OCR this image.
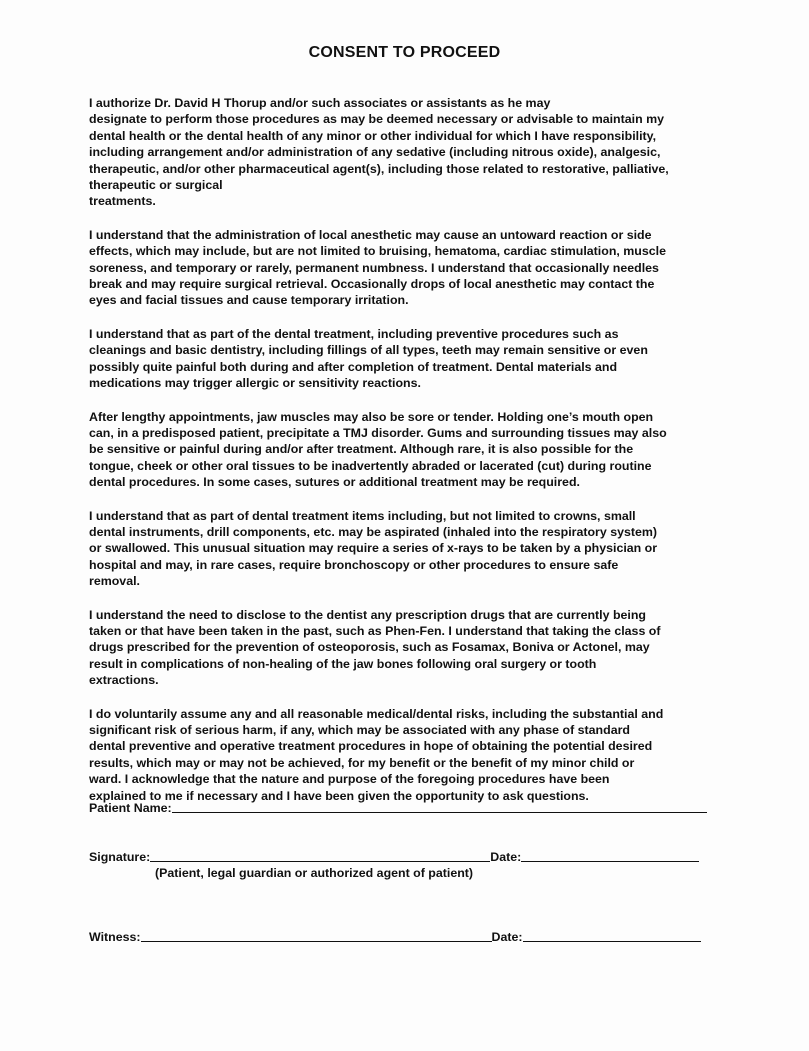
CONSENT TO PROCEED
I authorize Dr. David H Thorup and/or such associates or assistants as he may
designate to perform those procedures as may be deemed necessary or advisable to maintain my
dental health or the dental health of any minor or other individual for which I have responsibility,
including arrangement and/or administration of any sedative (including nitrous oxide), analgesic,
therapeutic, and/or other pharmaceutical agent(s), including those related to restorative, palliative,
therapeutic or surgical
treatments.
I understand that the administration of local anesthetic may cause an untoward reaction or side
effects, which may include, but are not limited to bruising, hematoma, cardiac stimulation, muscle
soreness, and temporary or rarely, permanent numbness. I understand that occasionally needles
break and may require surgical retrieval. Occasionally drops of local anesthetic may contact the
eyes and facial tissues and cause temporary irritation.
I understand that as part of the dental treatment, including preventive procedures such as
cleanings and basic dentistry, including fillings of all types, teeth may remain sensitive or even
possibly quite painful both during and after completion of treatment. Dental materials and
medications may trigger allergic or sensitivity reactions.
After lengthy appointments, jaw muscles may also be sore or tender. Holding one’s mouth open
can, in a predisposed patient, precipitate a TMJ disorder. Gums and surrounding tissues may also
be sensitive or painful during and/or after treatment. Although rare, it is also possible for the
tongue, cheek or other oral tissues to be inadvertently abraded or lacerated (cut) during routine
dental procedures. In some cases, sutures or additional treatment may be required.
I understand that as part of dental treatment items including, but not limited to crowns, small
dental instruments, drill components, etc. may be aspirated (inhaled into the respiratory system)
or swallowed. This unusual situation may require a series of x-rays to be taken by a physician or
hospital and may, in rare cases, require bronchoscopy or other procedures to ensure safe
removal.
I understand the need to disclose to the dentist any prescription drugs that are currently being
taken or that have been taken in the past, such as Phen-Fen. I understand that taking the class of
drugs prescribed for the prevention of osteoporosis, such as Fosamax, Boniva or Actonel, may
result in complications of non-healing of the jaw bones following oral surgery or tooth
extractions.
I do voluntarily assume any and all reasonable medical/dental risks, including the substantial and
significant risk of serious harm, if any, which may be associated with any phase of standard
dental preventive and operative treatment procedures in hope of obtaining the potential desired
results, which may or may not be achieved, for my benefit or the benefit of my minor child or
ward. I acknowledge that the nature and purpose of the foregoing procedures have been
explained to me if necessary and I have been given the opportunity to ask questions.
Patient Name:
Signature:	Date:
(Patient, legal guardian or authorized agent of patient)
Witness:	Date:
